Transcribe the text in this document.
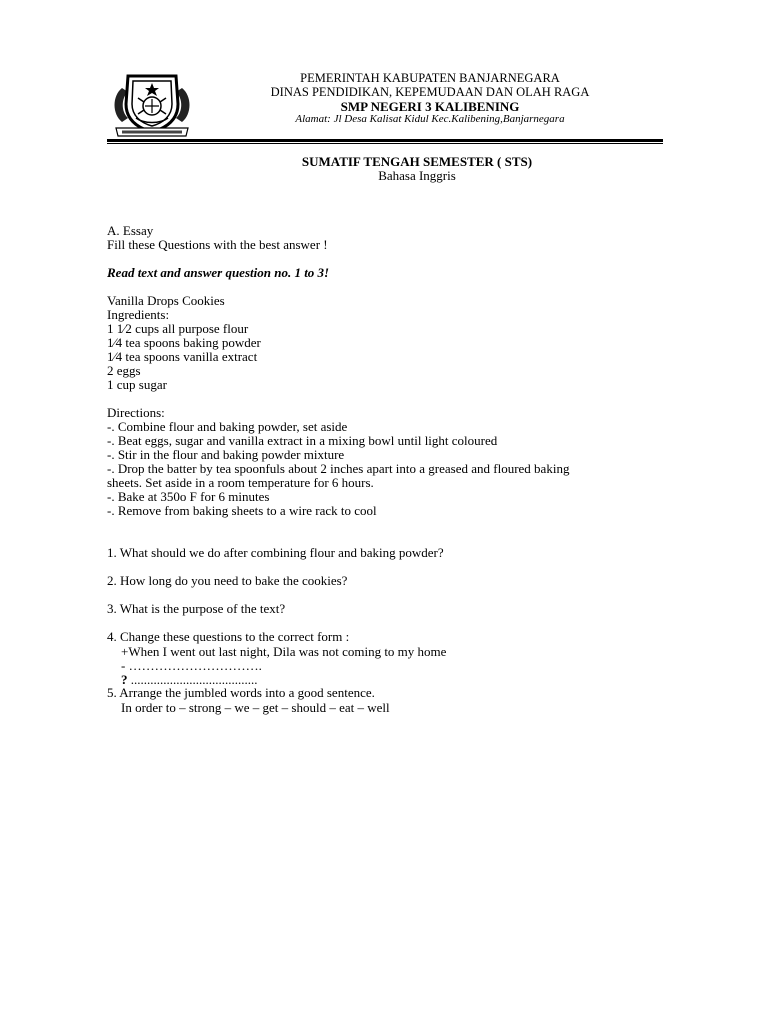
PEMERINTAH KABUPATEN BANJARNEGARA
DINAS PENDIDIKAN, KEPEMUDAAN DAN OLAH RAGA
SMP NEGERI 3 KALIBENING
Alamat: Jl Desa Kalisat Kidul Kec.Kalibening,Banjarnegara
SUMATIF TENGAH SEMESTER ( STS)
Bahasa Inggris
A. Essay
Fill these Questions with the best answer !
Read text and answer question no. 1 to 3!
Vanilla Drops Cookies
Ingredients:
1 1⁄2 cups all purpose flour
1⁄4 tea spoons baking powder
1⁄4 tea spoons vanilla extract
2 eggs
1 cup sugar
Directions:
-. Combine flour and baking powder, set aside
-. Beat eggs, sugar and vanilla extract in a mixing bowl until light coloured
-. Stir in the flour and baking powder mixture
-. Drop the batter by tea spoonfuls about 2 inches apart into a greased and floured baking
sheets. Set aside in a room temperature for 6 hours.
-. Bake at 350o F for 6 minutes
-. Remove from baking sheets to a wire rack to cool
1. What should we do after combining flour and baking powder?
2. How long do you need to bake the cookies?
3. What is the purpose of the text?
4. Change these questions to the correct form :
+When I went out last night, Dila was not coming to my home
- ………………………….
? .......................................
5. Arrange the jumbled words into a good sentence.
In order to – strong – we – get – should – eat – well
